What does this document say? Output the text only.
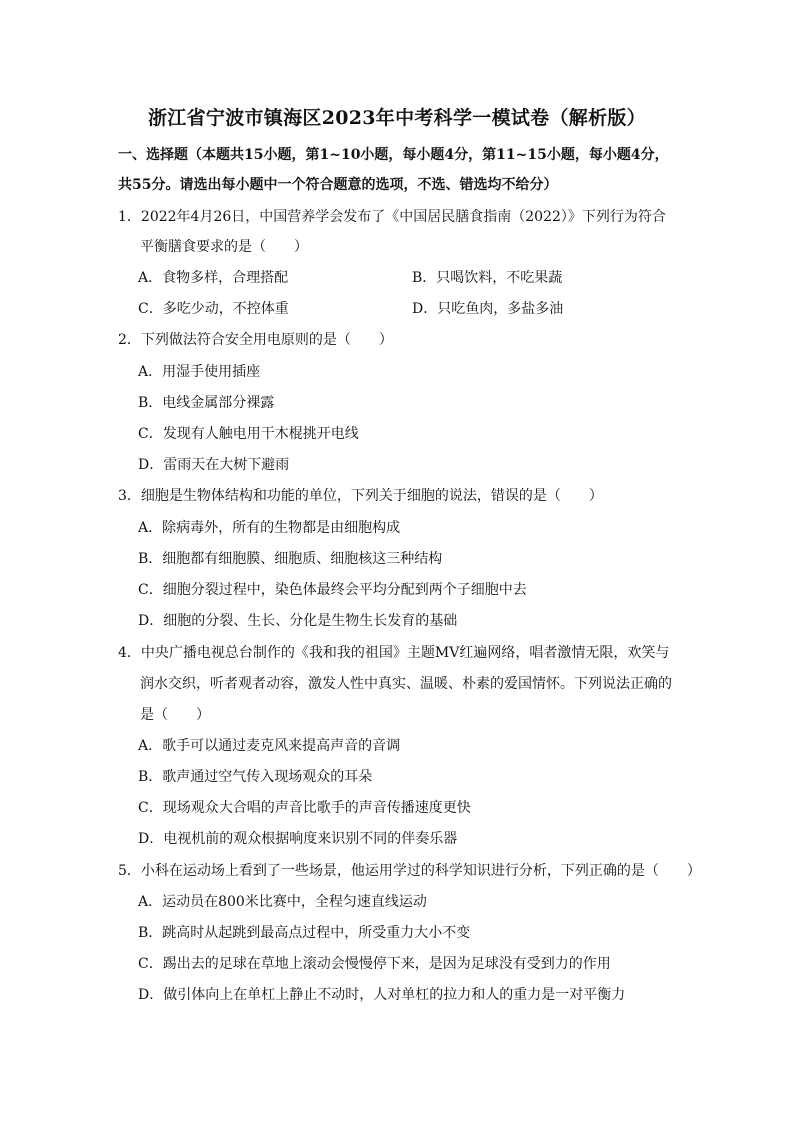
浙江省宁波市镇海区2023年中考科学一模试卷（解析版）
一、选择题（本题共15小题，第1~10小题，每小题4分，第11~15小题，每小题4分，
共55分。请选出每小题中一个符合题意的选项，不选、错选均不给分）
1．2022年4月26日，中国营养学会发布了《中国居民膳食指南（2022）》下列行为符合
平衡膳食要求的是（　　）
A．食物多样，合理搭配	B．只喝饮料，不吃果蔬
C．多吃少动，不控体重	D．只吃鱼肉，多盐多油
2．下列做法符合安全用电原则的是（　　）
A．用湿手使用插座
B．电线金属部分裸露
C．发现有人触电用干木棍挑开电线
D．雷雨天在大树下避雨
3．细胞是生物体结构和功能的单位，下列关于细胞的说法，错误的是（　　）
A．除病毒外，所有的生物都是由细胞构成
B．细胞都有细胞膜、细胞质、细胞核这三种结构
C．细胞分裂过程中，染色体最终会平均分配到两个子细胞中去
D．细胞的分裂、生长、分化是生物生长发育的基础
4．中央广播电视总台制作的《我和我的祖国》主题MV红遍网络，唱者激情无限，欢笑与
润水交织，听者观者动容，激发人性中真实、温暖、朴素的爱国情怀。下列说法正确的
是（　　）
A．歌手可以通过麦克风来提高声音的音调
B．歌声通过空气传入现场观众的耳朵
C．现场观众大合唱的声音比歌手的声音传播速度更快
D．电视机前的观众根据响度来识别不同的伴奏乐器
5．小科在运动场上看到了一些场景，他运用学过的科学知识进行分析，下列正确的是（　　）
A．运动员在800米比赛中，全程匀速直线运动
B．跳高时从起跳到最高点过程中，所受重力大小不变
C．踢出去的足球在草地上滚动会慢慢停下来，是因为足球没有受到力的作用
D．做引体向上在单杠上静止不动时，人对单杠的拉力和人的重力是一对平衡力
